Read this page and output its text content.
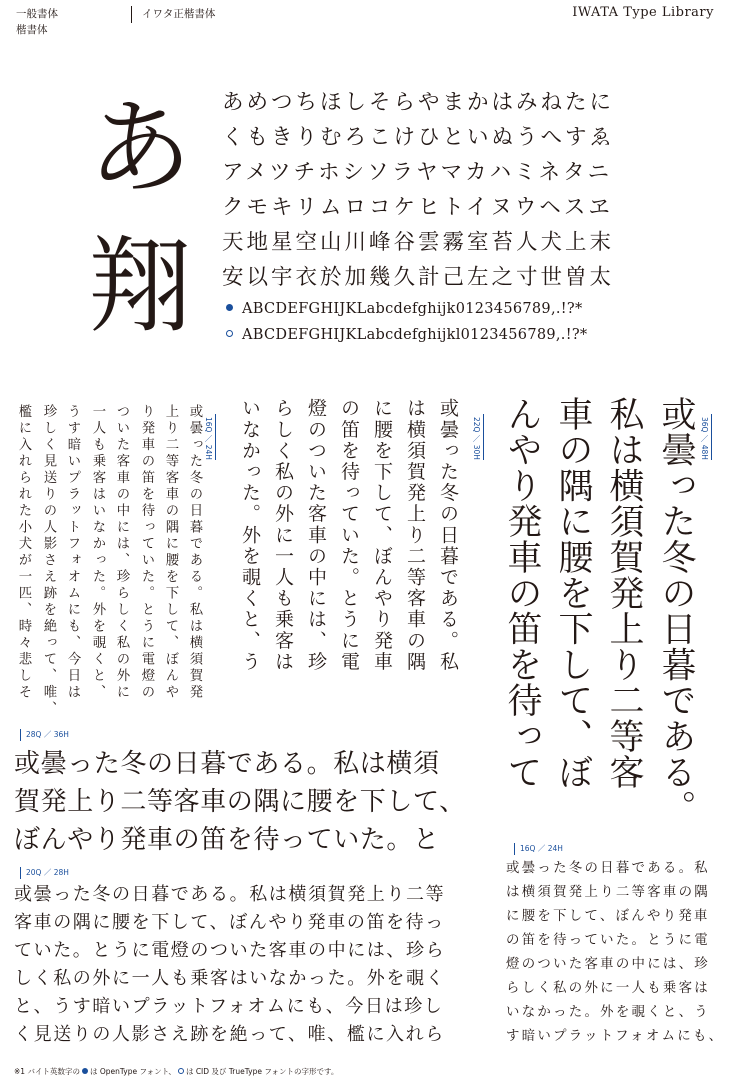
一般書体
楷書体
イワタ正楷書体	IWATA Type Library
あ
翔
あめつちほしそらやまかはみねたに
くもきりむろこけひといぬうへすゑ
アメツチホシソラヤマカハミネタニ
クモキリムロコケヒトイヌウヘスヱ
天地星空山川峰谷雲霧室苔人犬上末
安以宇衣於加幾久計己左之寸世曽太
ABCDEFGHIJKLabcdefghijk0123456789,.!?*
ABCDEFGHIJKLabcdefghijkl0123456789,.!?*
16Q ／ 24H
或曇った冬の日暮である。私は横須賀発
上り二等客車の隅に腰を下して、ぼんや
り発車の笛を待っていた。とうに電燈の
ついた客車の中には、珍らしく私の外に
一人も乗客はいなかった。外を覗くと、
うす暗いプラットフォオムにも、今日は
珍しく見送りの人影さえ跡を絶って、唯、
檻に入れられた小犬が一匹、時々悲しそ	22Q ／ 30H
或曇った冬の日暮である。私
は横須賀発上り二等客車の隅
に腰を下して、ぼんやり発車
の笛を待っていた。とうに電
燈のついた客車の中には、珍
らしく私の外に一人も乗客は
いなかった。外を覗くと、う	36Q ／ 48H
或曇った冬の日暮である。
私は横須賀発上り二等客
車の隅に腰を下して、ぼ
んやり発車の笛を待って
28Q ／ 36H
或曇った冬の日暮である。私は横須
賀発上り二等客車の隅に腰を下して、
ぼんやり発車の笛を待っていた。と
20Q ／ 28H
或曇った冬の日暮である。私は横須賀発上り二等
客車の隅に腰を下して、ぼんやり発車の笛を待っ
ていた。とうに電燈のついた客車の中には、珍ら
しく私の外に一人も乗客はいなかった。外を覗く
と、うす暗いプラットフォオムにも、今日は珍し
く見送りの人影さえ跡を絶って、唯、檻に入れら
16Q ／ 24H
或曇った冬の日暮である。私
は横須賀発上り二等客車の隅
に腰を下して、ぼんやり発車
の笛を待っていた。とうに電
燈のついた客車の中には、珍
らしく私の外に一人も乗客は
いなかった。外を覗くと、う
す暗いプラットフォオムにも、
※1 バイト英数字の は OpenType フォント、 は CID 及び TrueType フォントの字形です。
